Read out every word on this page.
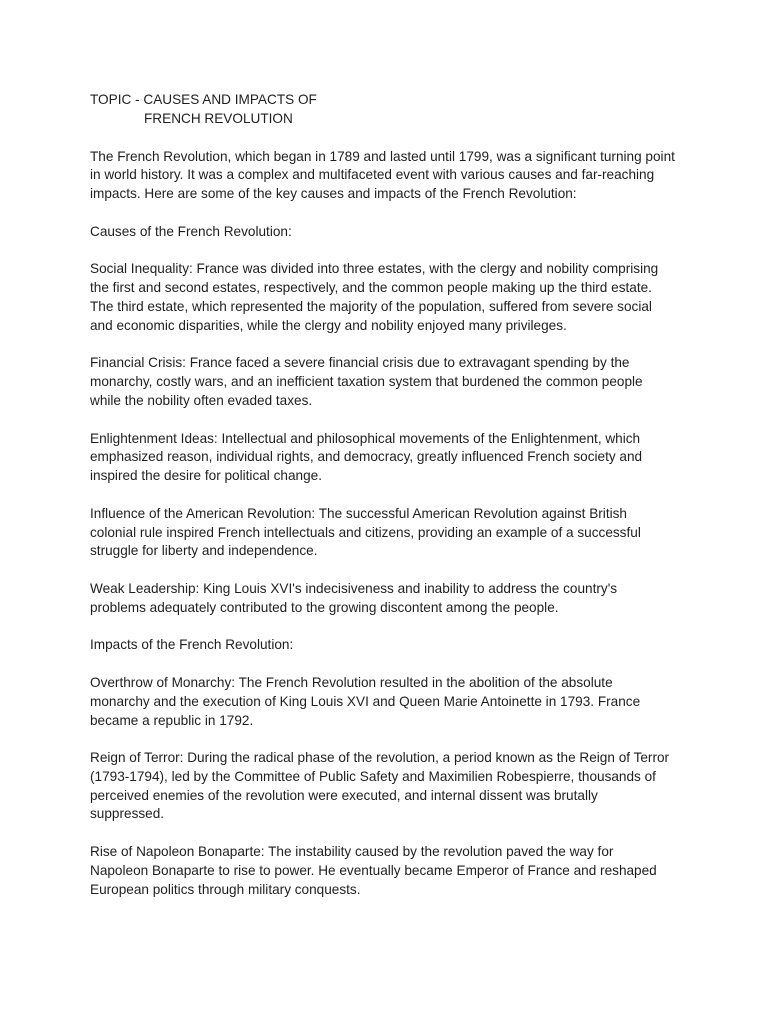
TOPIC - CAUSES AND IMPACTS OF
FRENCH REVOLUTION

The French Revolution, which began in 1789 and lasted until 1799, was a significant turning point in world history. It was a complex and multifaceted event with various causes and far-reaching impacts. Here are some of the key causes and impacts of the French Revolution:

Causes of the French Revolution:

Social Inequality: France was divided into three estates, with the clergy and nobility comprising the first and second estates, respectively, and the common people making up the third estate. The third estate, which represented the majority of the population, suffered from severe social and economic disparities, while the clergy and nobility enjoyed many privileges.

Financial Crisis: France faced a severe financial crisis due to extravagant spending by the monarchy, costly wars, and an inefficient taxation system that burdened the common people while the nobility often evaded taxes.

Enlightenment Ideas: Intellectual and philosophical movements of the Enlightenment, which emphasized reason, individual rights, and democracy, greatly influenced French society and inspired the desire for political change.

Influence of the American Revolution: The successful American Revolution against British colonial rule inspired French intellectuals and citizens, providing an example of a successful struggle for liberty and independence.

Weak Leadership: King Louis XVI's indecisiveness and inability to address the country's problems adequately contributed to the growing discontent among the people.

Impacts of the French Revolution:

Overthrow of Monarchy: The French Revolution resulted in the abolition of the absolute monarchy and the execution of King Louis XVI and Queen Marie Antoinette in 1793. France became a republic in 1792.

Reign of Terror: During the radical phase of the revolution, a period known as the Reign of Terror (1793-1794), led by the Committee of Public Safety and Maximilien Robespierre, thousands of perceived enemies of the revolution were executed, and internal dissent was brutally suppressed.

Rise of Napoleon Bonaparte: The instability caused by the revolution paved the way for Napoleon Bonaparte to rise to power. He eventually became Emperor of France and reshaped European politics through military conquests.
